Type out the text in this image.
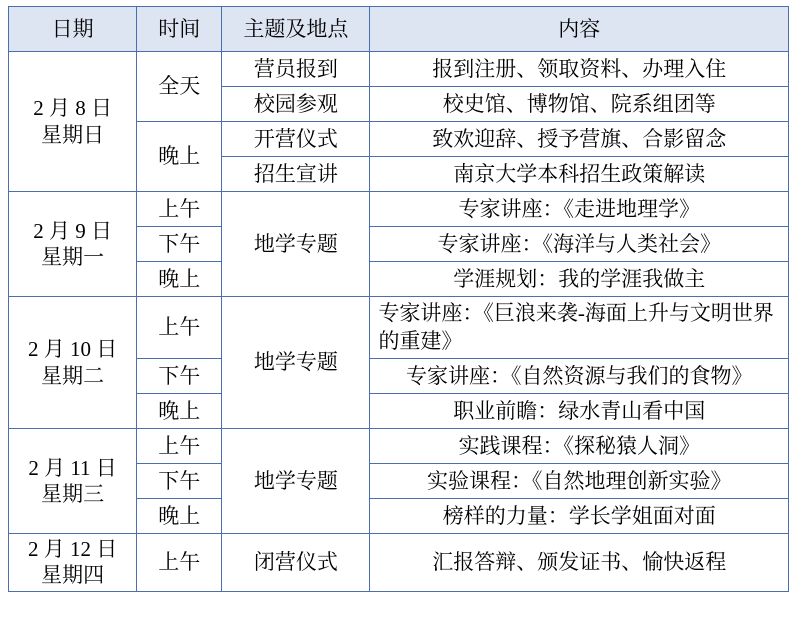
日期	时间	主题及地点	内容

2 月 8 日
星期日	全天	营员报到	报到注册、领取资料、办理入住
		校园参观	校史馆、博物馆、院系组团等
	晚上	开营仪式	致欢迎辞、授予营旗、合影留念
		招生宣讲	南京大学本科招生政策解读

2 月 9 日
星期一	上午	地学专题	专家讲座：《走进地理学》
	下午		专家讲座：《海洋与人类社会》
	晚上		学涯规划：我的学涯我做主

2 月 10 日
星期二	上午	地学专题	专家讲座：《巨浪来袭-海面上升与文明世界的重建》
	下午		专家讲座：《自然资源与我们的食物》
	晚上		职业前瞻：绿水青山看中国

2 月 11 日
星期三	上午	地学专题	实践课程：《探秘猿人洞》
	下午		实验课程：《自然地理创新实验》
	晚上		榜样的力量：学长学姐面对面

2 月 12 日
星期四	上午	闭营仪式	汇报答辩、颁发证书、愉快返程
